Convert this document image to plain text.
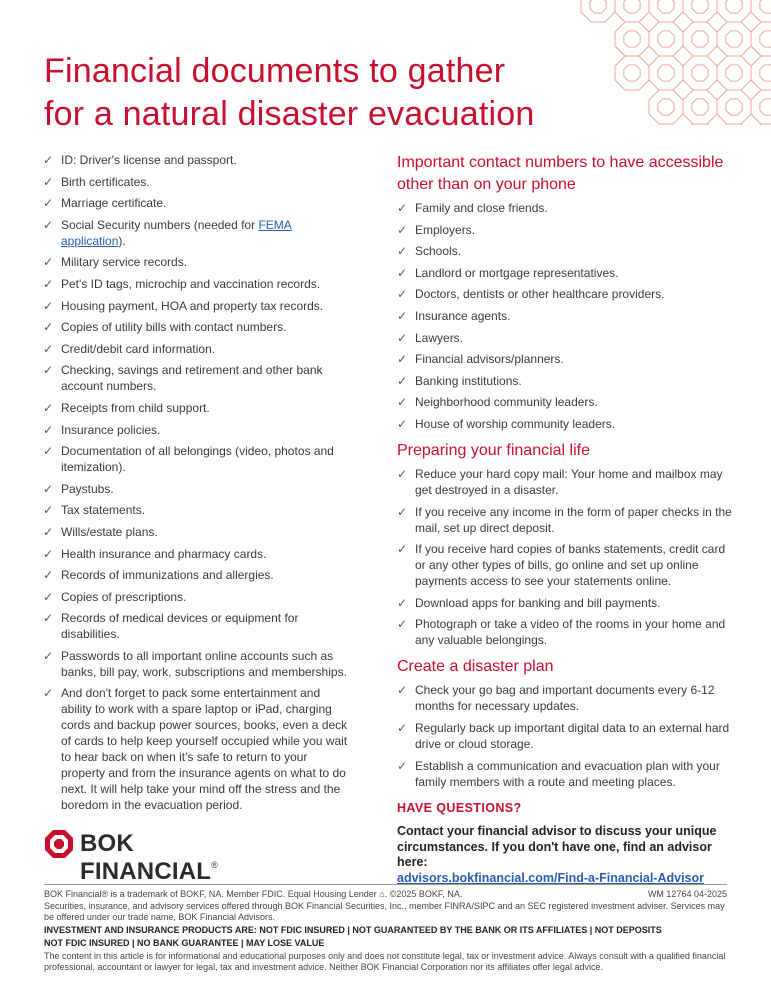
Financial documents to gather
for a natural disaster evacuation
✓ ID: Driver's license and passport.
✓ Birth certificates.
✓ Marriage certificate.
✓ Social Security numbers (needed for FEMA application).
✓ Military service records.
✓ Pet's ID tags, microchip and vaccination records.
✓ Housing payment, HOA and property tax records.
✓ Copies of utility bills with contact numbers.
✓ Credit/debit card information.
✓ Checking, savings and retirement and other bank account numbers.
✓ Receipts from child support.
✓ Insurance policies.
✓ Documentation of all belongings (video, photos and itemization).
✓ Paystubs.
✓ Tax statements.
✓ Wills/estate plans.
✓ Health insurance and pharmacy cards.
✓ Records of immunizations and allergies.
✓ Copies of prescriptions.
✓ Records of medical devices or equipment for disabilities.
✓ Passwords to all important online accounts such as banks, bill pay, work, subscriptions and memberships.
✓ And don't forget to pack some entertainment and ability to work with a spare laptop or iPad, charging cords and backup power sources, books, even a deck of cards to help keep yourself occupied while you wait to hear back on when it's safe to return to your property and from the insurance agents on what to do next. It will help take your mind off the stress and the boredom in the evacuation period.
Important contact numbers to have accessible other than on your phone
✓ Family and close friends.
✓ Employers.
✓ Schools.
✓ Landlord or mortgage representatives.
✓ Doctors, dentists or other healthcare providers.
✓ Insurance agents.
✓ Lawyers.
✓ Financial advisors/planners.
✓ Banking institutions.
✓ Neighborhood community leaders.
✓ House of worship community leaders.
Preparing your financial life
✓ Reduce your hard copy mail: Your home and mailbox may get destroyed in a disaster.
✓ If you receive any income in the form of paper checks in the mail, set up direct deposit.
✓ If you receive hard copies of banks statements, credit card or any other types of bills, go online and set up online payments access to see your statements online.
✓ Download apps for banking and bill payments.
✓ Photograph or take a video of the rooms in your home and any valuable belongings.
Create a disaster plan
✓ Check your go bag and important documents every 6-12 months for necessary updates.
✓ Regularly back up important digital data to an external hard drive or cloud storage.
✓ Establish a communication and evacuation plan with your family members with a route and meeting places.
BOK FINANCIAL®

HAVE QUESTIONS?

Contact your financial advisor to discuss your unique circumstances. If you don't have one, find an advisor here:

advisors.bokfinancial.com/Find-a-Financial-Advisor
BOK Financial® is a trademark of BOKF, NA. Member FDIC. Equal Housing Lender ⌂. ©2025 BOKF, NA.	WM 12764 04-2025

Securities, insurance, and advisory services offered through BOK Financial Securities, Inc., member FINRA/SIPC and an SEC registered investment adviser. Services may be offered under our trade name, BOK Financial Advisors.

INVESTMENT AND INSURANCE PRODUCTS ARE: NOT FDIC INSURED | NOT GUARANTEED BY THE BANK OR ITS AFFILIATES | NOT DEPOSITS

NOT FDIC INSURED | NO BANK GUARANTEE | MAY LOSE VALUE

The content in this article is for informational and educational purposes only and does not constitute legal, tax or investment advice. Always consult with a qualified financial professional, accountant or lawyer for legal, tax and investment advice. Neither BOK Financial Corporation nor its affiliates offer legal advice.
